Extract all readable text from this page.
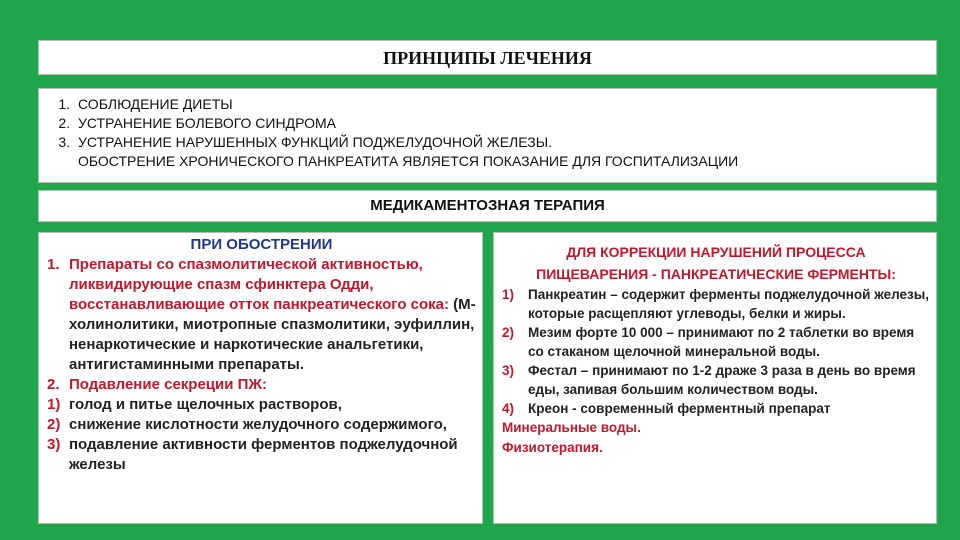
ПРИНЦИПЫ ЛЕЧЕНИЯ
1. СОБЛЮДЕНИЕ ДИЕТЫ
2. УСТРАНЕНИЕ БОЛЕВОГО СИНДРОМА
3. УСТРАНЕНИЕ НАРУШЕННЫХ ФУНКЦИЙ ПОДЖЕЛУДОЧНОЙ ЖЕЛЕЗЫ.

ОБОСТРЕНИЕ ХРОНИЧЕСКОГО ПАНКРЕАТИТА ЯВЛЯЕТСЯ ПОКАЗАНИЕ ДЛЯ ГОСПИТАЛИЗАЦИИ

МЕДИКАМЕНТОЗНАЯ ТЕРАПИЯ
ПРИ ОБОСТРЕНИИ
1. Препараты со спазмолитической активностью, ликвидирующие спазм сфинктера Одди, восстанавливающие отток панкреатического сока: (М-холинолитики, миотропные спазмолитики, эуфиллин, ненаркотические и наркотические анальгетики, антигистаминными препараты.
2. Подавление секреции ПЖ:
1) голод и питье щелочных растворов,
2) снижение кислотности желудочного содержимого,
3) подавление активности ферментов поджелудочной железы
ДЛЯ КОРРЕКЦИИ НАРУШЕНИЙ ПРОЦЕССА
ПИЩЕВАРЕНИЯ - ПАНКРЕАТИЧЕСКИЕ ФЕРМЕНТЫ:
1)	Панкреатин – содержит ферменты поджелудочной железы, которые расщепляют углеводы, белки и жиры.
2)	Мезим форте 10 000 – принимают по 2 таблетки во время со стаканом щелочной минеральной воды.
3)	Фестал – принимают по 1-2 драже 3 раза в день во время еды, запивая большим количеством воды.
4)	Креон - современный ферментный препарат
Минеральные воды.
Физиотерапия.
